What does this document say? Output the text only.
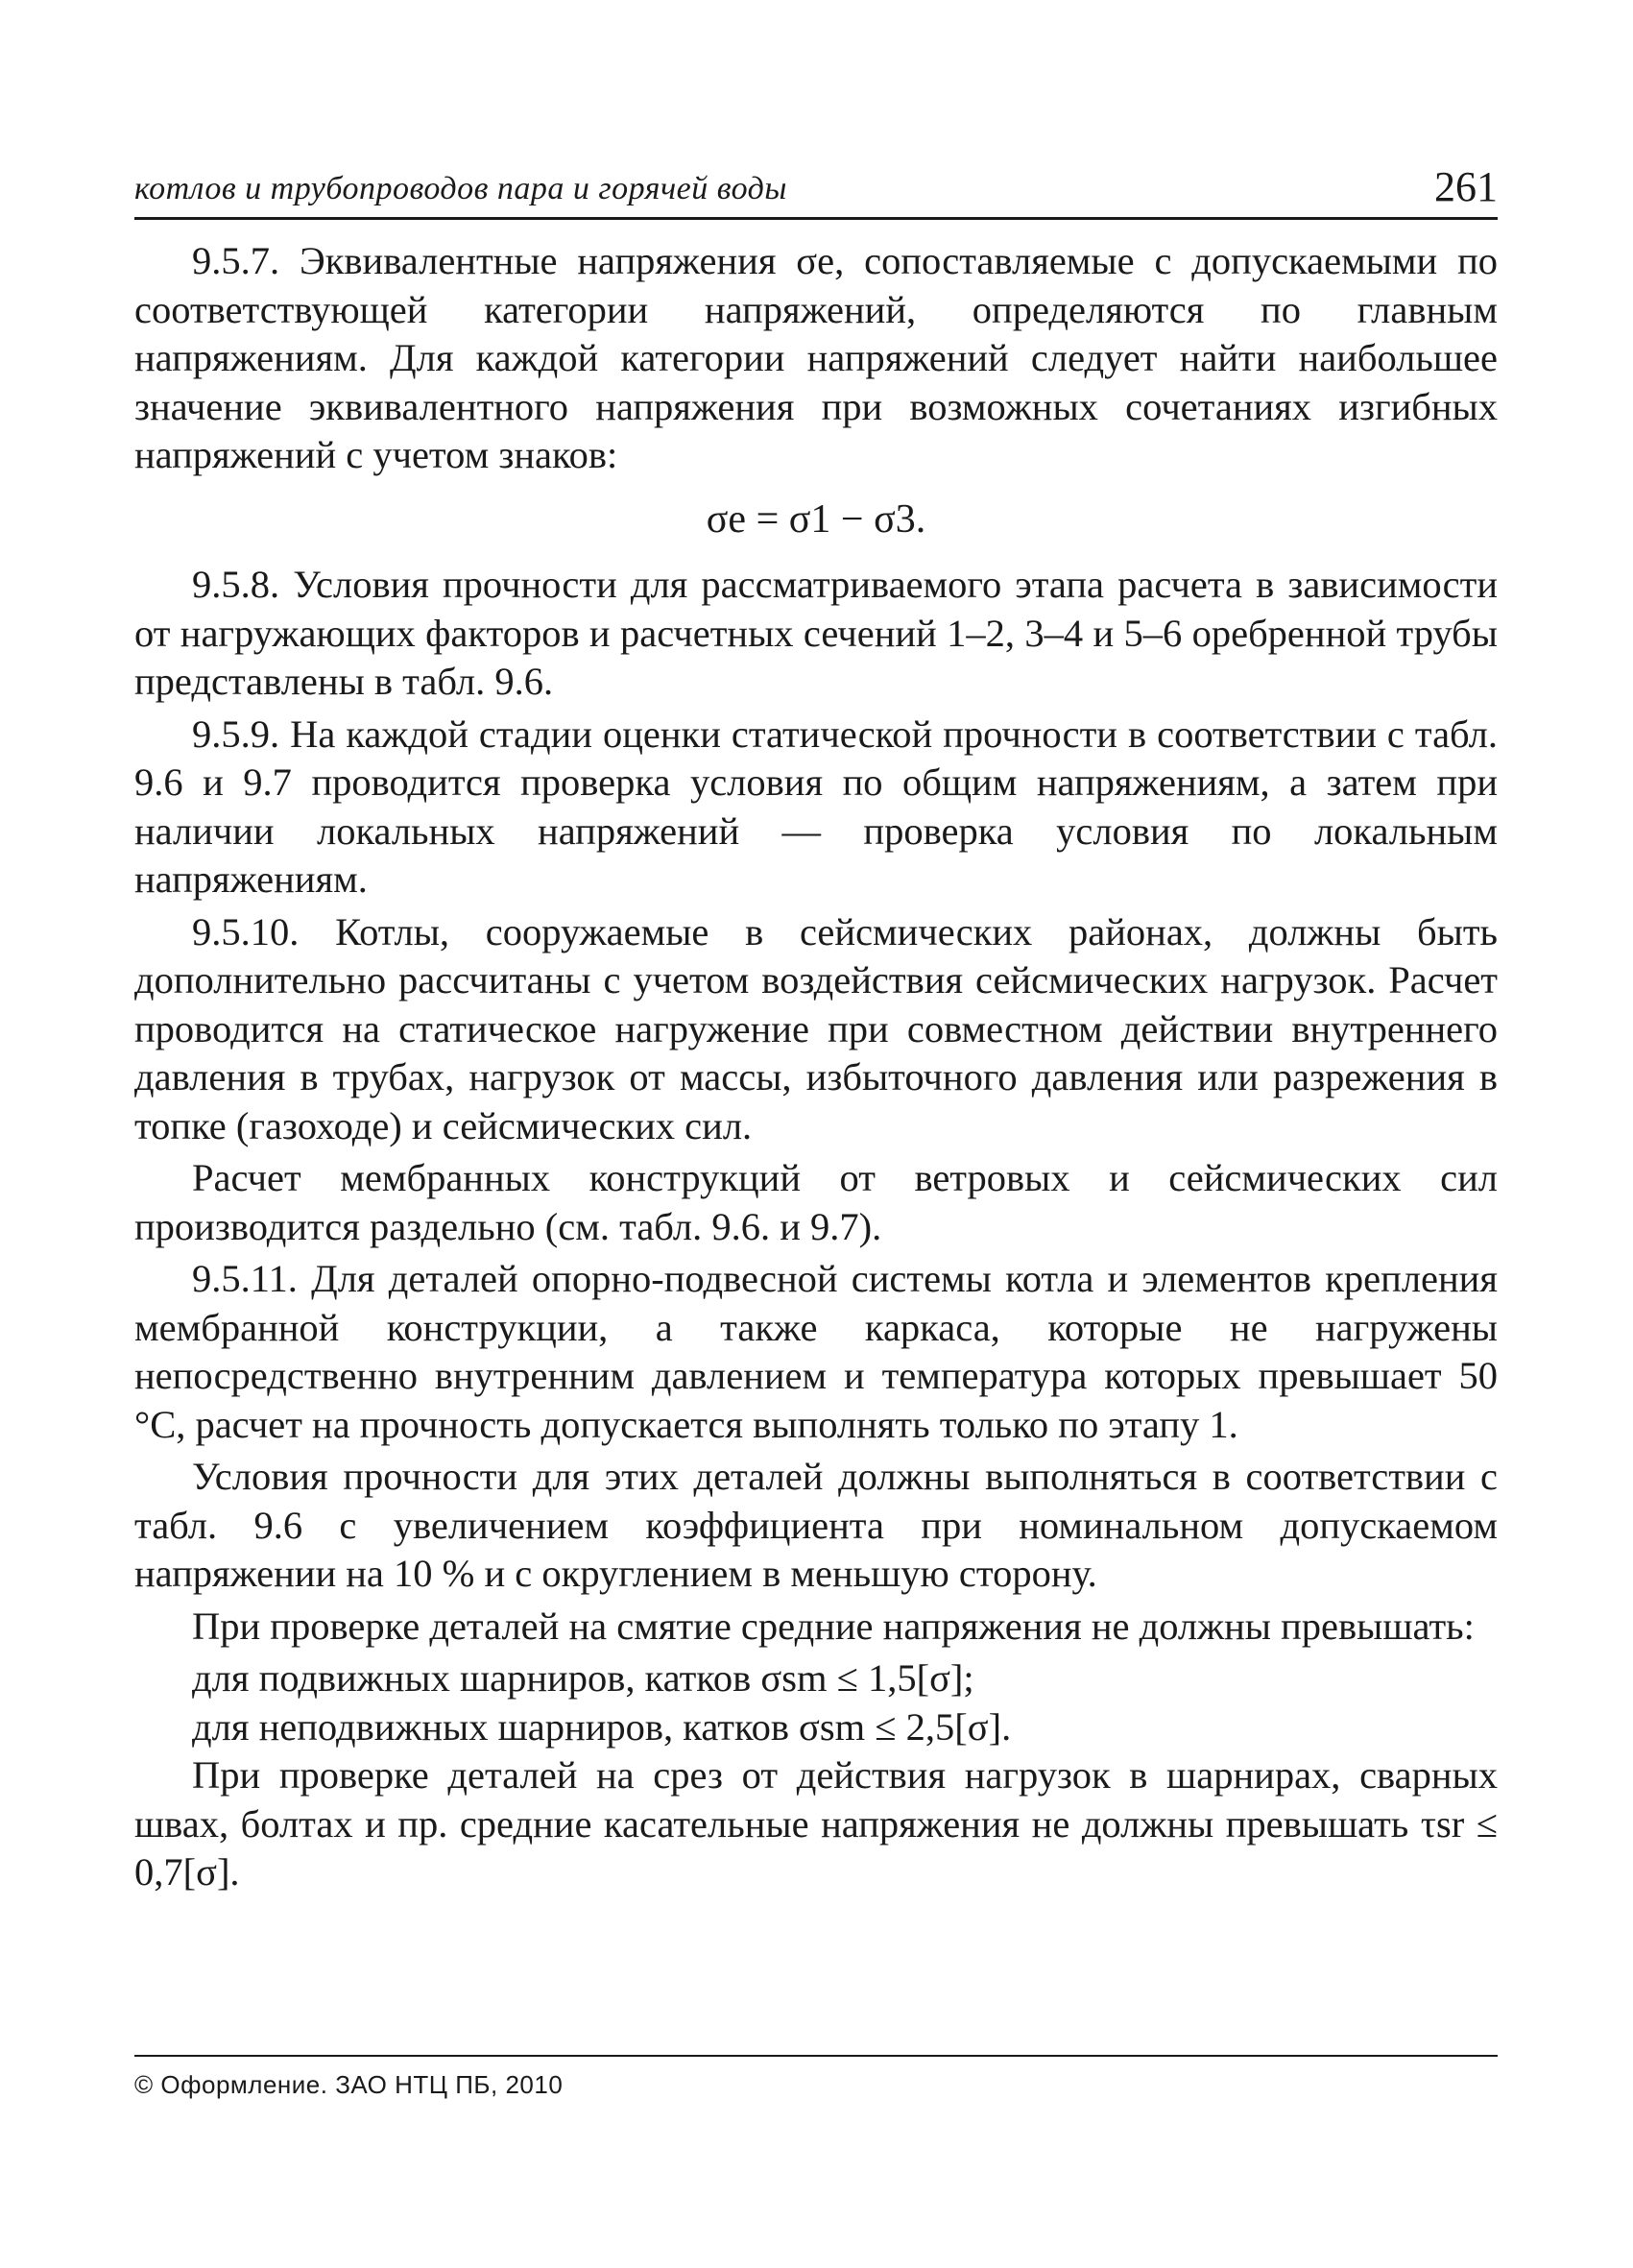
котлов и трубопроводов пара и горячей воды	261

9.5.7. Эквивалентные напряжения σe, сопоставляемые с допускаемыми по соответствующей категории напряжений, определяются по главным напряжениям. Для каждой категории напряжений следует найти наибольшее значение эквивалентного напряжения при возможных сочетаниях изгибных напряжений с учетом знаков:

σe = σ1 − σ3.

9.5.8. Условия прочности для рассматриваемого этапа расчета в зависимости от нагружающих факторов и расчетных сечений 1–2, 3–4 и 5–6 оребренной трубы представлены в табл. 9.6.

9.5.9. На каждой стадии оценки статической прочности в соответствии с табл. 9.6 и 9.7 проводится проверка условия по общим напряжениям, а затем при наличии локальных напряжений — проверка условия по локальным напряжениям.

9.5.10. Котлы, сооружаемые в сейсмических районах, должны быть дополнительно рассчитаны с учетом воздействия сейсмических нагрузок. Расчет проводится на статическое нагружение при совместном действии внутреннего давления в трубах, нагрузок от массы, избыточного давления или разрежения в топке (газоходе) и сейсмических сил.

Расчет мембранных конструкций от ветровых и сейсмических сил производится раздельно (см. табл. 9.6. и 9.7).

9.5.11. Для деталей опорно-подвесной системы котла и элементов крепления мембранной конструкции, а также каркаса, которые не нагружены непосредственно внутренним давлением и температура которых превышает 50 °С, расчет на прочность допускается выполнять только по этапу 1.

Условия прочности для этих деталей должны выполняться в соответствии с табл. 9.6 с увеличением коэффициента при номинальном допускаемом напряжении на 10 % и с округлением в меньшую сторону.

При проверке деталей на смятие средние напряжения не должны превышать:

для подвижных шарниров, катков σsm ≤ 1,5[σ];
для неподвижных шарниров, катков σsm ≤ 2,5[σ].

При проверке деталей на срез от действия нагрузок в шарнирах, сварных швах, болтах и пр. средние касательные напряжения не должны превышать τsr ≤ 0,7[σ].

© Оформление. ЗАО НТЦ ПБ, 2010
